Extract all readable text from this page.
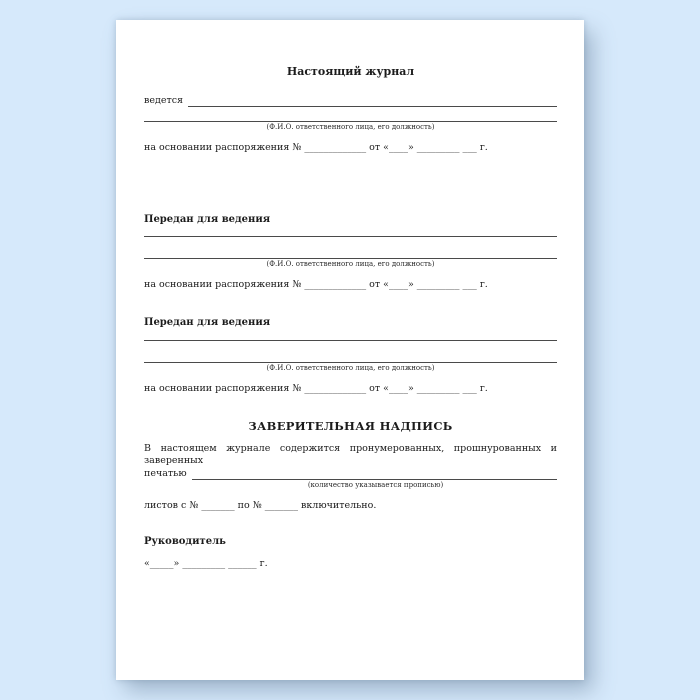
Настоящий журнал
ведется
(Ф.И.О. ответственного лица, его должность)
на основании распоряжения № _____________ от «____» _________ ___ г.
Передан для ведения
(Ф.И.О. ответственного лица, его должность)
на основании распоряжения № _____________ от «____» _________ ___ г.
Передан для ведения
(Ф.И.О. ответственного лица, его должность)
на основании распоряжения № _____________ от «____» _________ ___ г.
ЗАВЕРИТЕЛЬНАЯ НАДПИСЬ
В настоящем журнале содержится пронумерованных, прошнурованных и заверенных
печатью
(количество указывается прописью)
листов с № _______ по № _______ включительно.
Руководитель
«_____» _________ ______ г.
